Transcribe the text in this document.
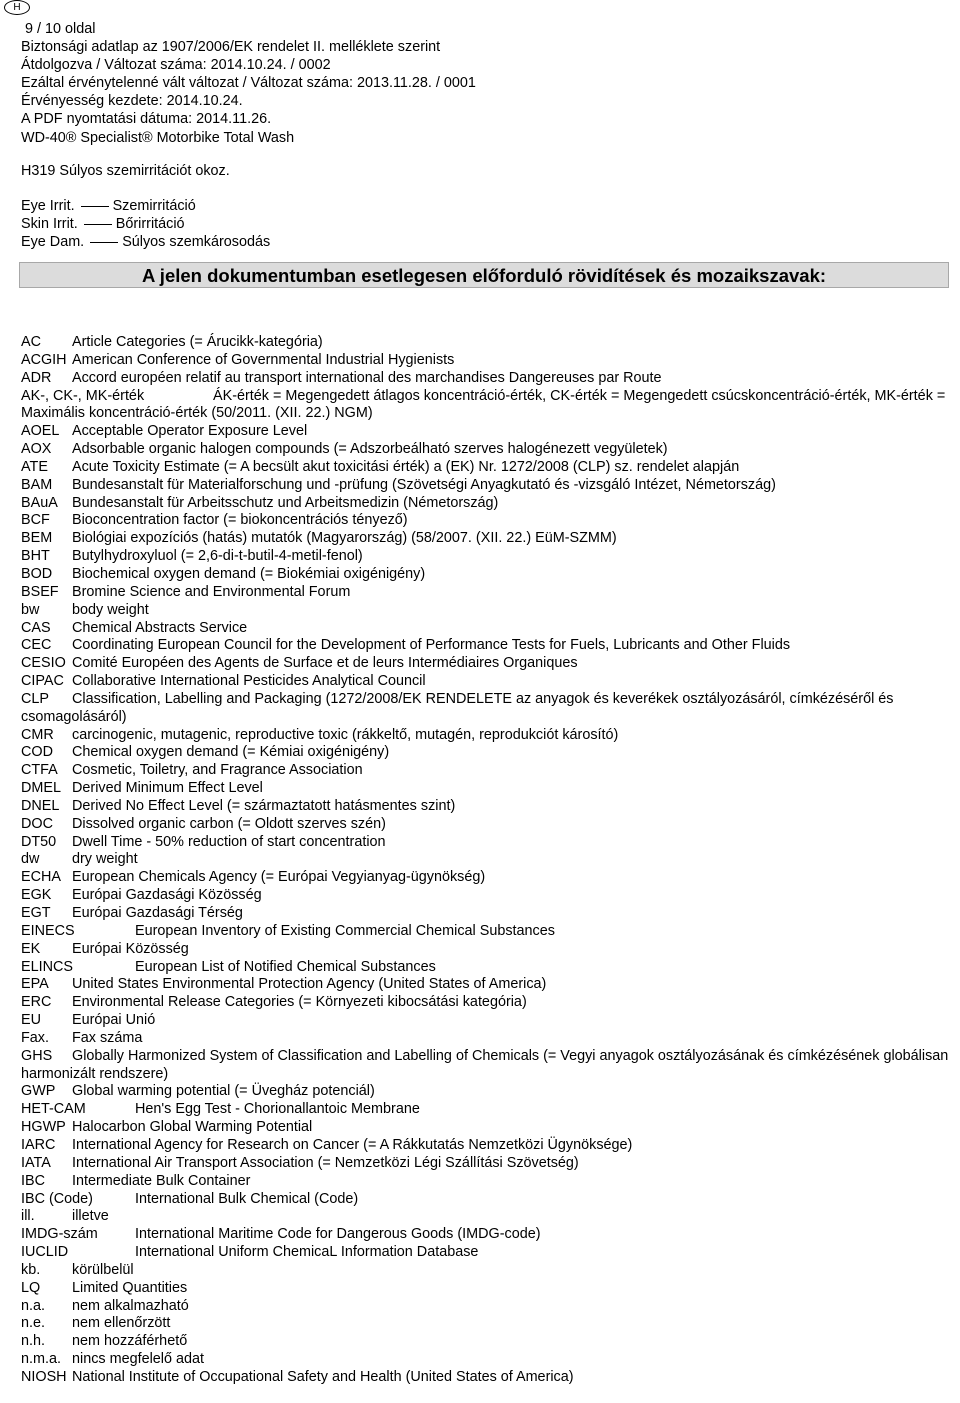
H
9 / 10 oldal
Biztonsági adatlap az 1907/2006/EK rendelet II. melléklete szerint
Átdolgozva / Változat száma: 2014.10.24. / 0002
Ezáltal érvénytelenné vált változat / Változat száma: 2013.11.28. / 0001
Érvényesség kezdete: 2014.10.24.
A PDF nyomtatási dátuma: 2014.11.26.
WD-40® Specialist® Motorbike Total Wash
H319 Súlyos szemirritációt okoz.
Eye Irrit.	Szemirritáció
Skin Irrit.	Bőrirritáció
Eye Dam.	Súlyos szemkárosodás
A jelen dokumentumban esetlegesen előforduló rövidítések és mozaikszavak:
AC Article Categories (= Árucikk-kategória)
ACGIH American Conference of Governmental Industrial Hygienists
ADR Accord européen relatif au transport international des marchandises Dangereuses par Route
AK-, CK-, MK-érték	ÁK-érték = Megengedett átlagos koncentráció-érték, CK-érték = Megengedett csúcskoncentráció-érték, MK-érték = Maximális koncentráció-érték (50/2011. (XII. 22.) NGM)
AOEL Acceptable Operator Exposure Level
AOX Adsorbable organic halogen compounds (= Adszorbeálható szerves halogénezett vegyületek)
ATE Acute Toxicity Estimate (= A becsült akut toxicitási érték) a (EK) Nr. 1272/2008 (CLP) sz. rendelet alapján
BAM Bundesanstalt für Materialforschung und -prüfung (Szövetségi Anyagkutató és -vizsgáló Intézet, Németország)
BAuA Bundesanstalt für Arbeitsschutz und Arbeitsmedizin (Németország)
BCF Bioconcentration factor (= biokoncentrációs tényező)
BEM Biológiai expozíciós (hatás) mutatók (Magyarország) (58/2007. (XII. 22.) EüM-SZMM)
BHT Butylhydroxyluol (= 2,6-di-t-butil-4-metil-fenol)
BOD Biochemical oxygen demand (= Biokémiai oxigénigény)
BSEF Bromine Science and Environmental Forum
bw body weight
CAS Chemical Abstracts Service
CEC Coordinating European Council for the Development of Performance Tests for Fuels, Lubricants and Other Fluids
CESIO Comité Européen des Agents de Surface et de leurs Intermédiaires Organiques
CIPAC Collaborative International Pesticides Analytical Council
CLP Classification, Labelling and Packaging (1272/2008/EK RENDELETE az anyagok és keverékek osztályozásáról, címkézéséről és csomagolásáról)
CMR carcinogenic, mutagenic, reproductive toxic (rákkeltő, mutagén, reprodukciót károsító)
COD Chemical oxygen demand (= Kémiai oxigénigény)
CTFA Cosmetic, Toiletry, and Fragrance Association
DMEL Derived Minimum Effect Level
DNEL Derived No Effect Level (= származtatott hatásmentes szint)
DOC Dissolved organic carbon (= Oldott szerves szén)
DT50 Dwell Time - 50% reduction of start concentration
dw dry weight
ECHA European Chemicals Agency (= Európai Vegyianyag-ügynökség)
EGK Európai Gazdasági Közösség
EGT Európai Gazdasági Térség
EINECS	European Inventory of Existing Commercial Chemical Substances
EK Európai Közösség
ELINCS	European List of Notified Chemical Substances
EPA United States Environmental Protection Agency (United States of America)
ERC Environmental Release Categories (= Környezeti kibocsátási kategória)
EU Európai Unió
Fax. Fax száma
GHS Globally Harmonized System of Classification and Labelling of Chemicals (= Vegyi anyagok osztályozásának és címkézésének globálisan harmonizált rendszere)
GWP Global warming potential (= Üvegház potenciál)
HET-CAM	Hen's Egg Test - Chorionallantoic Membrane
HGWP Halocarbon Global Warming Potential
IARC International Agency for Research on Cancer (= A Rákkutatás Nemzetközi Ügynöksége)
IATA International Air Transport Association (= Nemzetközi Légi Szállítási Szövetség)
IBC Intermediate Bulk Container
IBC (Code)	International Bulk Chemical (Code)
ill.	illetve
IMDG-szám	International Maritime Code for Dangerous Goods (IMDG-code)
IUCLID	International Uniform ChemicaL Information Database
kb. körülbelül
LQ Limited Quantities
n.a. nem alkalmazható
n.e. nem ellenőrzött
n.h. nem hozzáférhető
n.m.a. nincs megfelelő adat
NIOSH National Institute of Occupational Safety and Health (United States of America)
